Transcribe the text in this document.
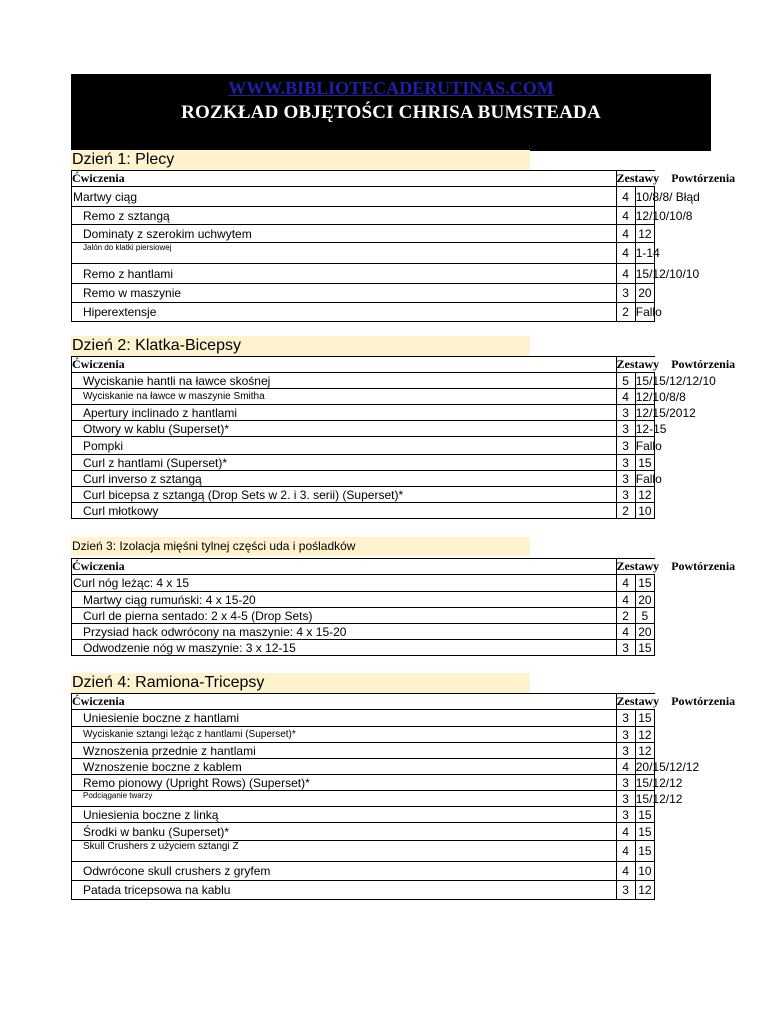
WWW.BIBLIOTECADERUTINAS.COM
ROZKŁAD OBJĘTOŚCI CHRISA BUMSTEADA
Dzień 1: Plecy
Ćwiczenia	Zestawy Powtórzenia	
Martwy ciąg	4	10/8/8/ Błąd
Remo z sztangą	4	12/10/10/8
Dominaty z szerokim uchwytem	4	12
Jalón do klatki piersiowej	4	1-14
Remo z hantlami	4	15/12/10/10
Remo w maszynie	3	20
Hiperextensje	2	Fallo
Dzień 2: Klatka-Bicepsy
Ćwiczenia	Zestawy Powtórzenia	
Wyciskanie hantli na ławce skośnej	5	15/15/12/12/10
Wyciskanie na ławce w maszynie Smitha	4	12/10/8/8
Apertury inclinado z hantlami	3	12/15/2012
Otwory w kablu (Superset)*	3	12-15
Pompki	3	Fallo
Curl z hantlami (Superset)*	3	15
Curl inverso z sztangą	3	Fallo
Curl bicepsa z sztangą (Drop Sets w 2. i 3. serii) (Superset)*	3	12
Curl młotkowy	2	10
Dzień 3: Izolacja mięśni tylnej części uda i pośladków
Ćwiczenia	Zestawy Powtórzenia	
Curl nóg leżąc: 4 x 15	4	15
Martwy ciąg rumuński: 4 x 15-20	4	20
Curl de pierna sentado: 2 x 4-5 (Drop Sets)	2	5
Przysiad hack odwrócony na maszynie: 4 x 15-20	4	20
Odwodzenie nóg w maszynie: 3 x 12-15	3	15
Dzień 4: Ramiona-Tricepsy
Ćwiczenia	Zestawy Powtórzenia	
Uniesienie boczne z hantlami	3	15
Wyciskanie sztangi leżąc z hantlami (Superset)*	3	12
Wznoszenia przednie z hantlami	3	12
Wznoszenie boczne z kablem	4	20/15/12/12
Remo pionowy (Upright Rows) (Superset)*	3	15/12/12
Podciąganie twarzy	3	15/12/12
Uniesienia boczne z linką	3	15
Środki w banku (Superset)*	4	15
Skull Crushers z użyciem sztangi Z	4	15
Odwrócone skull crushers z gryfem	4	10
Patada tricepsowa na kablu	3	12
